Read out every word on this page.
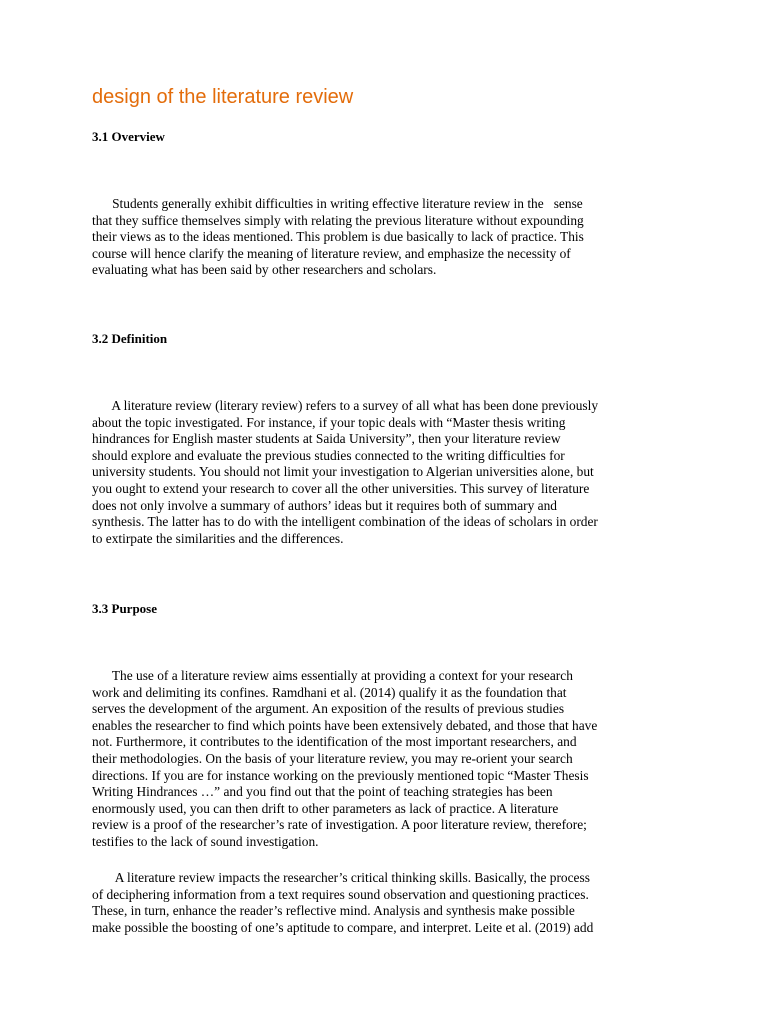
design of the literature review
3.1 Overview

Students generally exhibit difficulties in writing effective literature review in the   sense
that they suffice themselves simply with relating the previous literature without expounding
their views as to the ideas mentioned. This problem is due basically to lack of practice. This
course will hence clarify the meaning of literature review, and emphasize the necessity of
evaluating what has been said by other researchers and scholars.

3.2 Definition

A literature review (literary review) refers to a survey of all what has been done previously
about the topic investigated. For instance, if your topic deals with “Master thesis writing
hindrances for English master students at Saida University”, then your literature review
should explore and evaluate the previous studies connected to the writing difficulties for
university students. You should not limit your investigation to Algerian universities alone, but
you ought to extend your research to cover all the other universities. This survey of literature
does not only involve a summary of authors’ ideas but it requires both of summary and
synthesis. The latter has to do with the intelligent combination of the ideas of scholars in order
to extirpate the similarities and the differences.

3.3 Purpose

The use of a literature review aims essentially at providing a context for your research
work and delimiting its confines. Ramdhani et al. (2014) qualify it as the foundation that
serves the development of the argument. An exposition of the results of previous studies
enables the researcher to find which points have been extensively debated, and those that have
not. Furthermore, it contributes to the identification of the most important researchers, and
their methodologies. On the basis of your literature review, you may re-orient your search
directions. If you are for instance working on the previously mentioned topic “Master Thesis
Writing Hindrances …” and you find out that the point of teaching strategies has been
enormously used, you can then drift to other parameters as lack of practice. A literature
review is a proof of the researcher’s rate of investigation. A poor literature review, therefore;
testifies to the lack of sound investigation.

A literature review impacts the researcher’s critical thinking skills. Basically, the process
of deciphering information from a text requires sound observation and questioning practices.
These, in turn, enhance the reader’s reflective mind. Analysis and synthesis make possible
make possible the boosting of one’s aptitude to compare, and interpret. Leite et al. (2019) add
